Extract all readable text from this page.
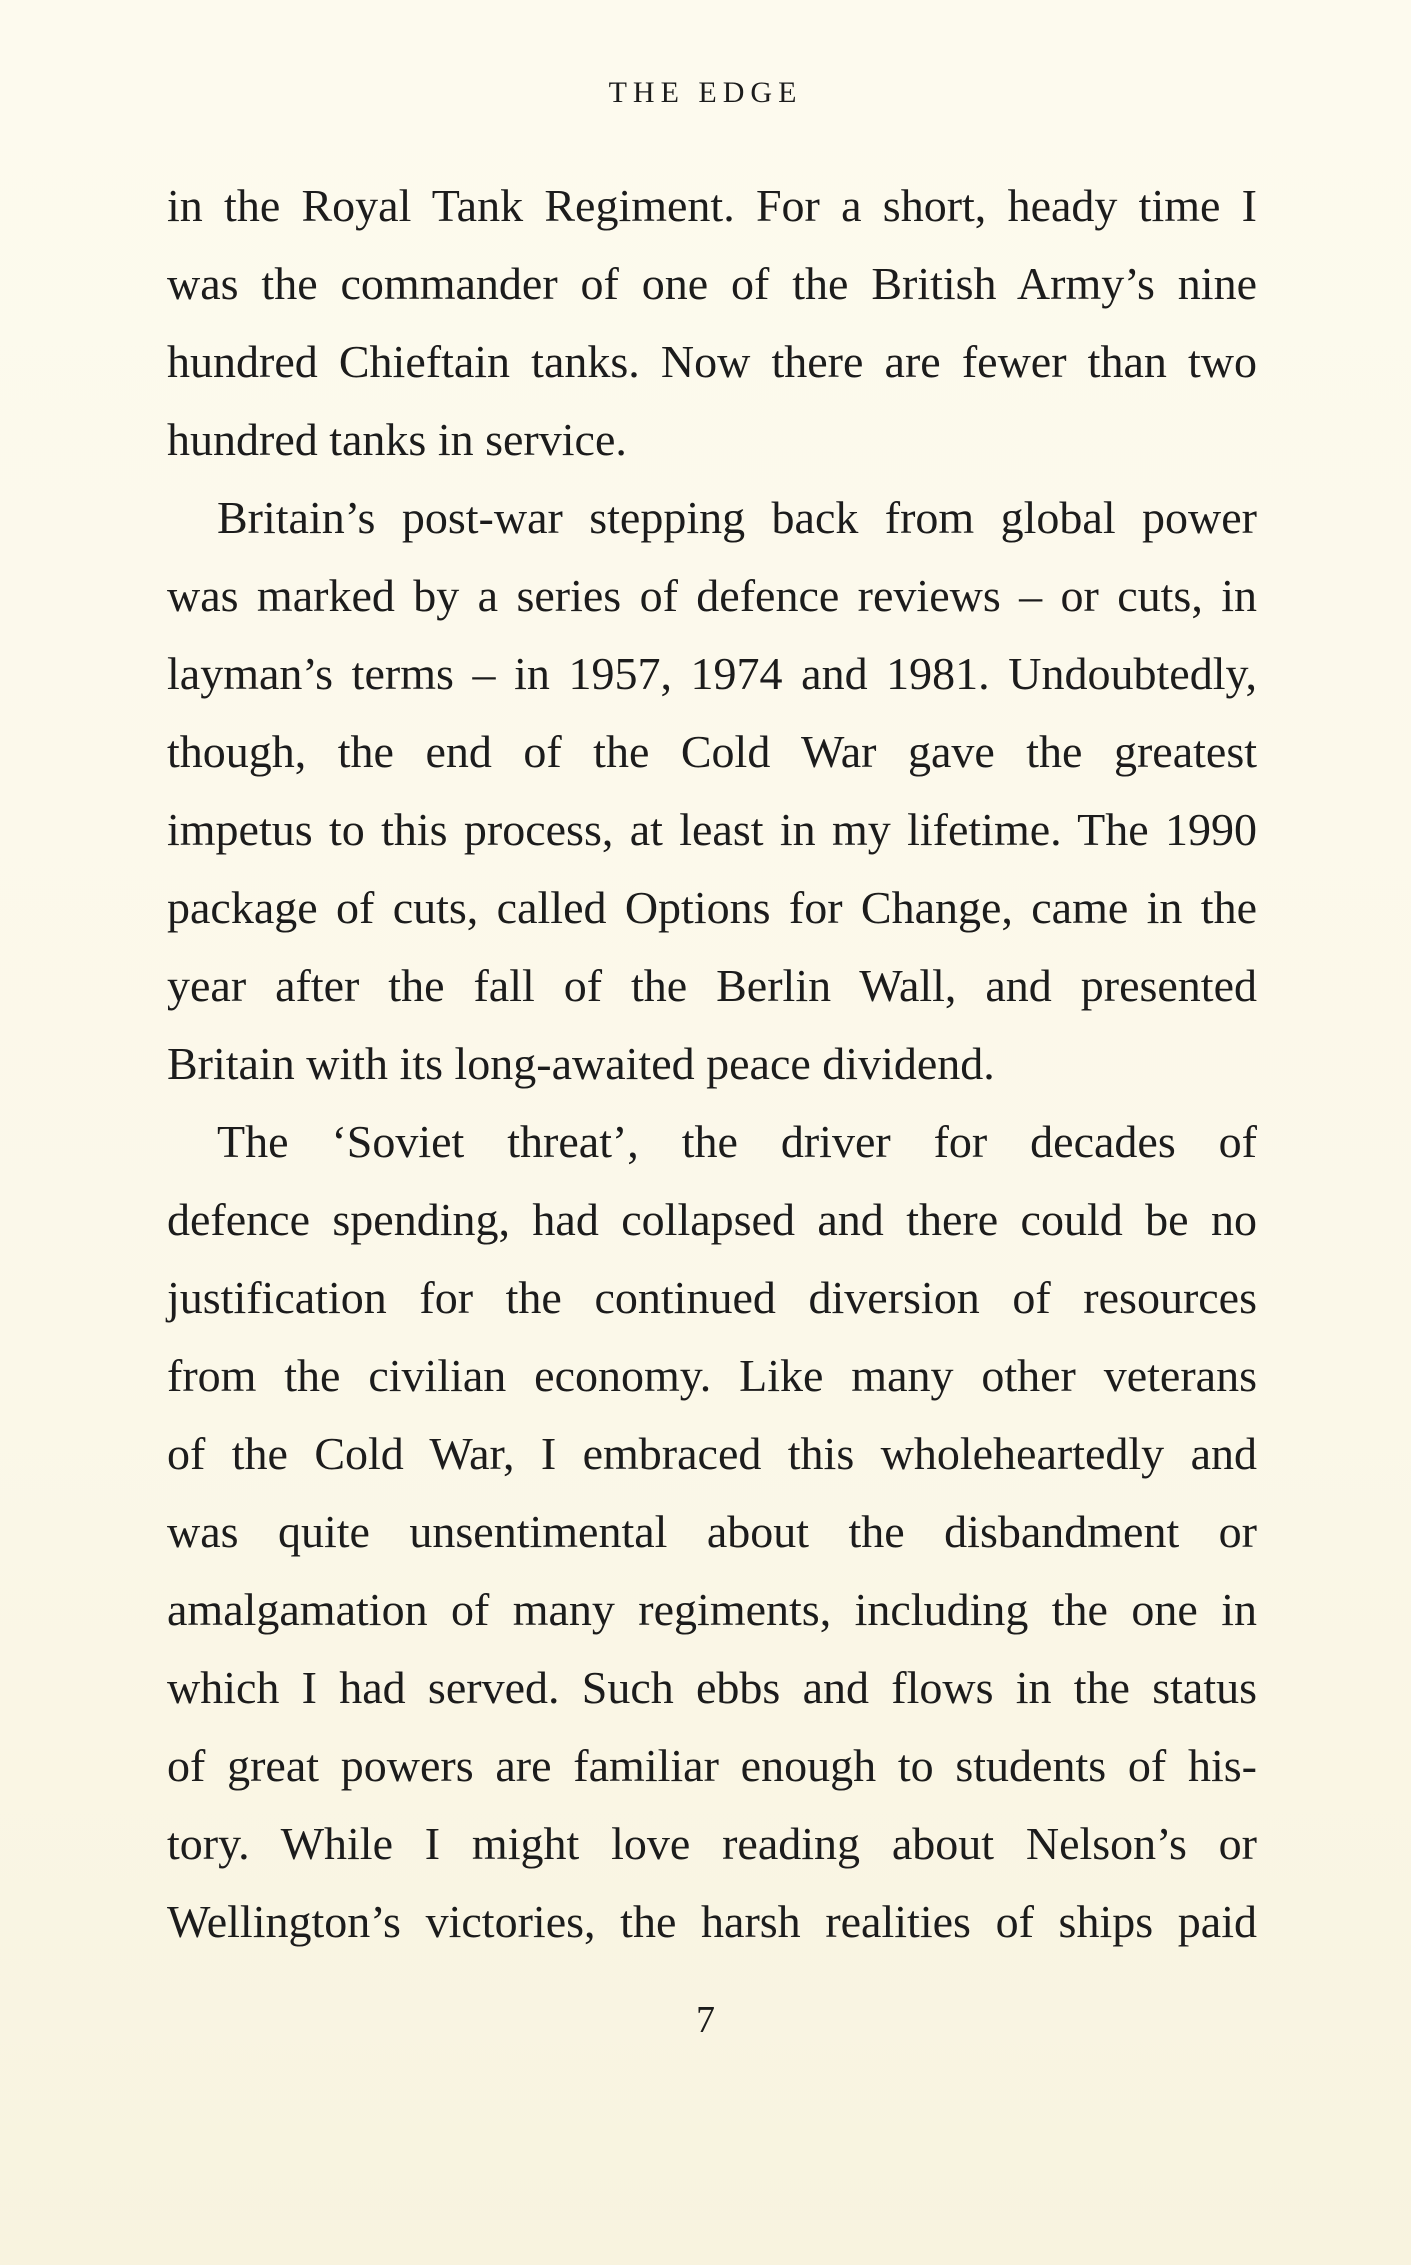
THE EDGE
in the Royal Tank Regiment. For a short, heady time I
was the commander of one of the British Army’s nine
hundred Chieftain tanks. Now there are fewer than two
hundred tanks in service.
Britain’s post-war stepping back from global power
was marked by a series of defence reviews – or cuts, in
layman’s terms – in 1957, 1974 and 1981. Undoubtedly,
though, the end of the Cold War gave the greatest
impetus to this process, at least in my lifetime. The 1990
package of cuts, called Options for Change, came in the
year after the fall of the Berlin Wall, and presented
Britain with its long-awaited peace dividend.
The ‘Soviet threat’, the driver for decades of
defence spending, had collapsed and there could be no
justification for the continued diversion of resources
from the civilian economy. Like many other veterans
of the Cold War, I embraced this wholeheartedly and
was quite unsentimental about the disbandment or
amalgamation of many regiments, including the one in
which I had served. Such ebbs and flows in the status
of great powers are familiar enough to students of his-
tory. While I might love reading about Nelson’s or
Wellington’s victories, the harsh realities of ships paid
7
